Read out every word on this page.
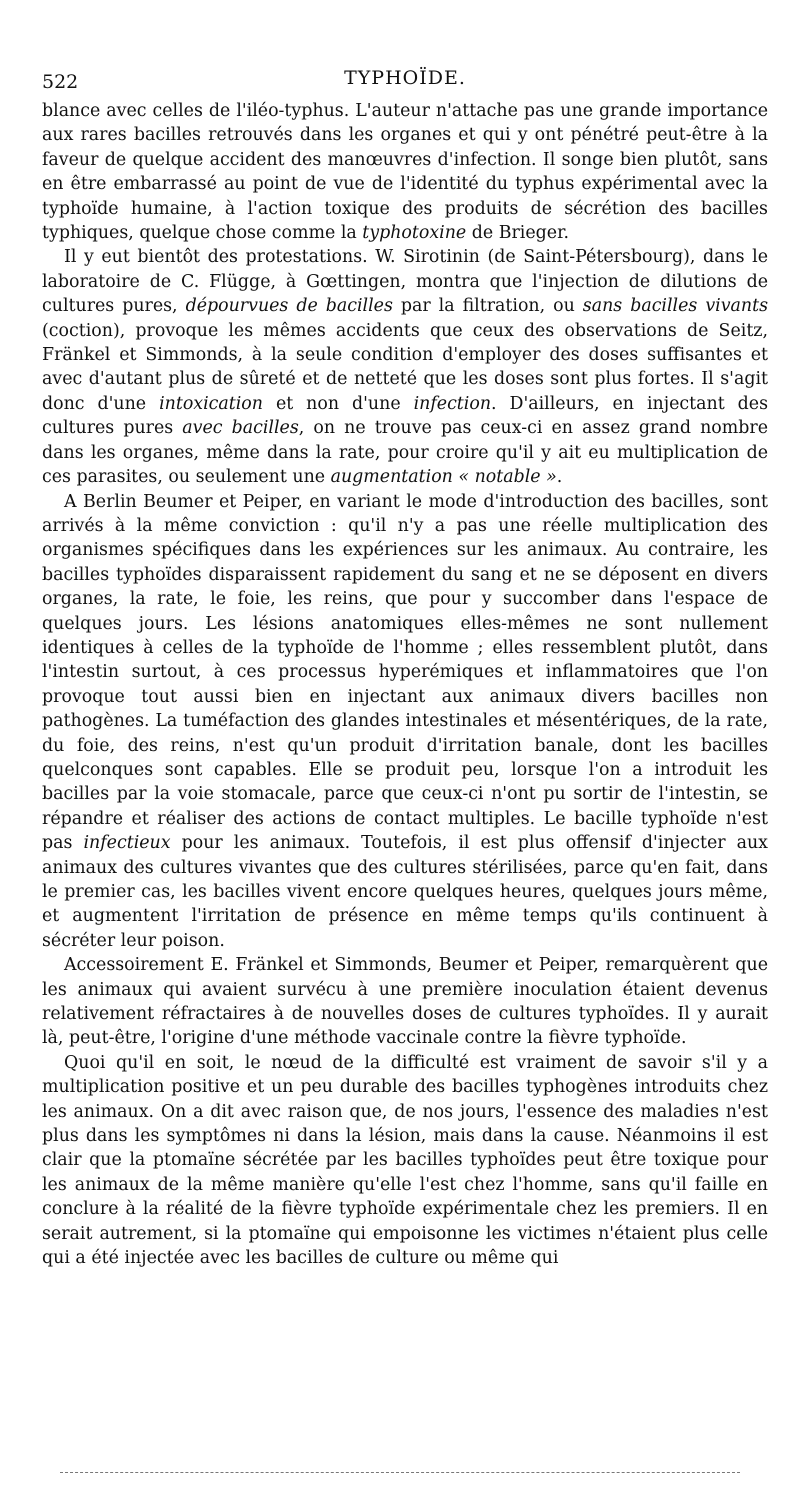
522	TYPHOÏDE.

blance avec celles de l'iléo-typhus. L'auteur n'attache pas une grande importance aux rares bacilles retrouvés dans les organes et qui y ont pénétré peut-être à la faveur de quelque accident des manœuvres d'infection. Il songe bien plutôt, sans en être embarrassé au point de vue de l'identité du typhus expérimental avec la typhoïde humaine, à l'action toxique des produits de sécrétion des bacilles typhiques, quelque chose comme la typhotoxine de Brieger.

Il y eut bientôt des protestations. W. Sirotinin (de Saint-Pétersbourg), dans le laboratoire de C. Flügge, à Gœttingen, montra que l'injection de dilutions de cultures pures, dépourvues de bacilles par la filtration, ou sans bacilles vivants (coction), provoque les mêmes accidents que ceux des observations de Seitz, Fränkel et Simmonds, à la seule condition d'employer des doses suffisantes et avec d'autant plus de sûreté et de netteté que les doses sont plus fortes. Il s'agit donc d'une intoxication et non d'une infection. D'ailleurs, en injectant des cultures pures avec bacilles, on ne trouve pas ceux-ci en assez grand nombre dans les organes, même dans la rate, pour croire qu'il y ait eu multiplication de ces parasites, ou seulement une augmentation « notable ».

A Berlin Beumer et Peiper, en variant le mode d'introduction des bacilles, sont arrivés à la même conviction : qu'il n'y a pas une réelle multiplication des organismes spécifiques dans les expériences sur les animaux. Au contraire, les bacilles typhoïdes disparaissent rapidement du sang et ne se déposent en divers organes, la rate, le foie, les reins, que pour y succomber dans l'espace de quelques jours. Les lésions anatomiques elles-mêmes ne sont nullement identiques à celles de la typhoïde de l'homme ; elles ressemblent plutôt, dans l'intestin surtout, à ces processus hyperémiques et inflammatoires que l'on provoque tout aussi bien en injectant aux animaux divers bacilles non pathogènes. La tuméfaction des glandes intestinales et mésentériques, de la rate, du foie, des reins, n'est qu'un produit d'irritation banale, dont les bacilles quelconques sont capables. Elle se produit peu, lorsque l'on a introduit les bacilles par la voie stomacale, parce que ceux-ci n'ont pu sortir de l'intestin, se répandre et réaliser des actions de contact multiples. Le bacille typhoïde n'est pas infectieux pour les animaux. Toutefois, il est plus offensif d'injecter aux animaux des cultures vivantes que des cultures stérilisées, parce qu'en fait, dans le premier cas, les bacilles vivent encore quelques heures, quelques jours même, et augmentent l'irritation de présence en même temps qu'ils continuent à sécréter leur poison.

Accessoirement E. Fränkel et Simmonds, Beumer et Peiper, remarquèrent que les animaux qui avaient survécu à une première inoculation étaient devenus relativement réfractaires à de nouvelles doses de cultures typhoïdes. Il y aurait là, peut-être, l'origine d'une méthode vaccinale contre la fièvre typhoïde.

Quoi qu'il en soit, le nœud de la difficulté est vraiment de savoir s'il y a multiplication positive et un peu durable des bacilles typhogènes introduits chez les animaux. On a dit avec raison que, de nos jours, l'essence des maladies n'est plus dans les symptômes ni dans la lésion, mais dans la cause. Néanmoins il est clair que la ptomaïne sécrétée par les bacilles typhoïdes peut être toxique pour les animaux de la même manière qu'elle l'est chez l'homme, sans qu'il faille en conclure à la réalité de la fièvre typhoïde expérimentale chez les premiers. Il en serait autrement, si la ptomaïne qui empoisonne les victimes n'étaient plus celle qui a été injectée avec les bacilles de culture ou même qui
